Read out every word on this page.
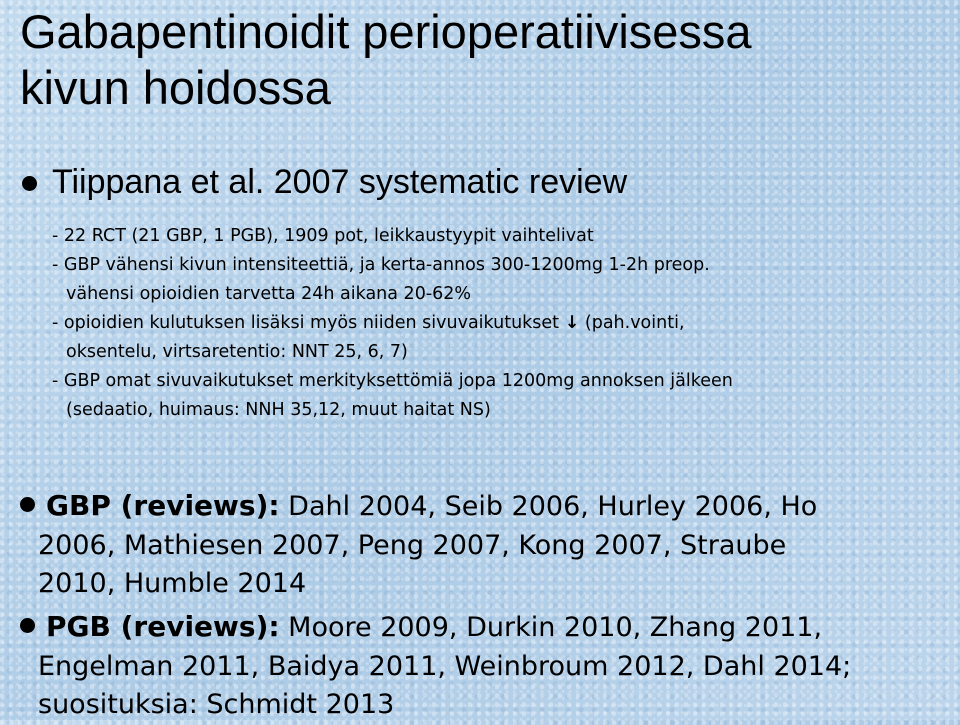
Gabapentinoidit perioperatiivisessa
kivun hoidossa
Tiippana et al. 2007 systematic review
- 22 RCT (21 GBP, 1 PGB), 1909 pot, leikkaustyypit vaihtelivat
- GBP vähensi kivun intensiteettiä, ja kerta-annos 300-1200mg 1-2h preop.
vähensi opioidien tarvetta 24h aikana 20-62%
- opioidien kulutuksen lisäksi myös niiden sivuvaikutukset ↓ (pah.vointi,
oksentelu, virtsaretentio: NNT 25, 6, 7)
- GBP omat sivuvaikutukset merkityksettömiä jopa 1200mg annoksen jälkeen
(sedaatio, huimaus: NNH 35,12, muut haitat NS)
GBP (reviews): Dahl 2004, Seib 2006, Hurley 2006, Ho
2006, Mathiesen 2007, Peng 2007, Kong 2007, Straube
2010, Humble 2014
PGB (reviews): Moore 2009, Durkin 2010, Zhang 2011,
Engelman 2011, Baidya 2011, Weinbroum 2012, Dahl 2014;
suosituksia: Schmidt 2013
